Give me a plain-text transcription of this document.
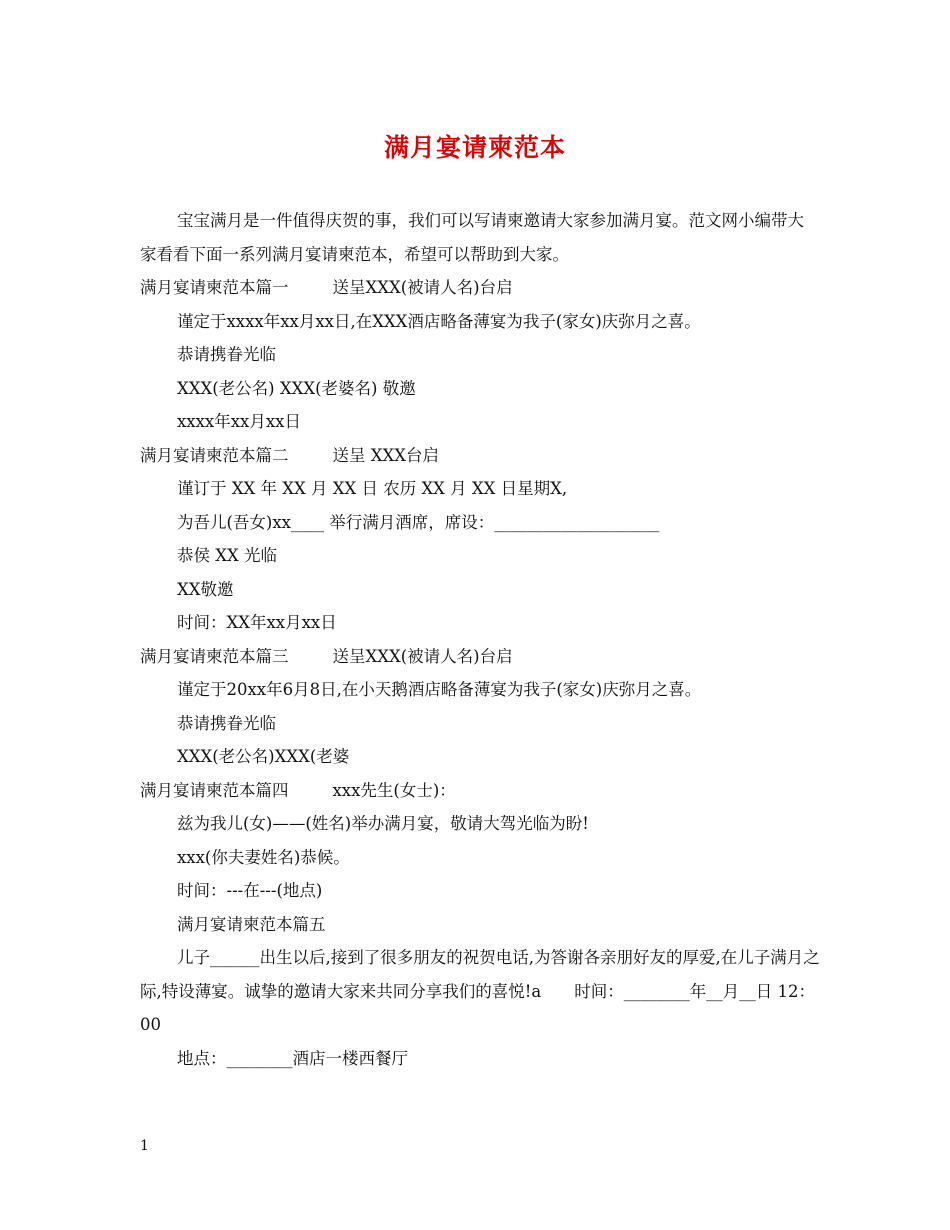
满月宴请柬范本

宝宝满月是一件值得庆贺的事，我们可以写请柬邀请大家参加满月宴。范文网小编带大家看看下面一系列满月宴请柬范本，希望可以帮助到大家。

满月宴请柬范本篇一	送呈XXX(被请人名)台启

谨定于xxxx年xx月xx日,在XXX酒店略备薄宴为我子(家女)庆弥月之喜。

恭请携眷光临

XXX(老公名) XXX(老婆名) 敬邀

xxxx年xx月xx日

满月宴请柬范本篇二	送呈 XXX台启

谨订于 XX 年 XX 月 XX 日 农历 XX 月 XX 日星期X,

为吾儿(吾女)xx____ 举行满月酒席，席设：____________________

恭侯 XX 光临

XX敬邀

时间：XX年xx月xx日

满月宴请柬范本篇三	送呈XXX(被请人名)台启

谨定于20xx年6月8日,在小天鹅酒店略备薄宴为我子(家女)庆弥月之喜。

恭请携眷光临

XXX(老公名)XXX(老婆

满月宴请柬范本篇四	xxx先生(女士)：

兹为我儿(女)——(姓名)举办满月宴，敬请大驾光临为盼!

xxx(你夫妻姓名)恭候。

时间：---在---(地点)

满月宴请柬范本篇五

儿子______出生以后,接到了很多朋友的祝贺电话,为答谢各亲朋好友的厚爱,在儿子满月之际,特设薄宴。诚挚的邀请大家来共同分享我们的喜悦!a　　时间：________年__月__日 12：00

地点：________酒店一楼西餐厅

1
